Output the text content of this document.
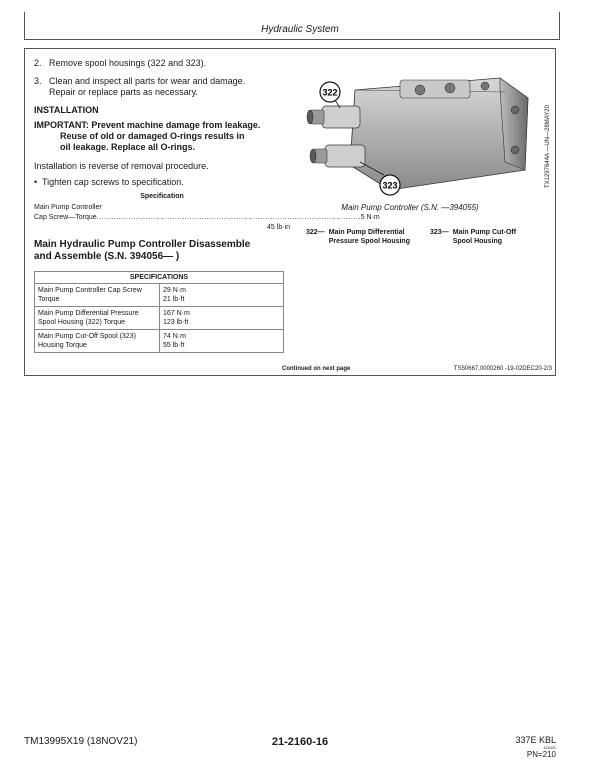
Hydraulic System
2. Remove spool housings (322 and 323).
3. Clean and inspect all parts for wear and damage.
Repair or replace parts as necessary.
INSTALLATION
IMPORTANT: Prevent machine damage from leakage.
Reuse of old or damaged O-rings results in
oil leakage. Replace all O-rings.
Installation is reverse of removal procedure.
• Tighten cap screws to specification.
Specification
Main Pump Controller
Cap Screw—Torque ............................................................................................................ 5 N·m
45 lb·in
Main Hydraulic Pump Controller Disassemble
and Assemble (S.N. 394056— )
SPECIFICATIONS	
Main Pump Controller Cap Screw
Torque	29 N·m
21 lb·ft
Main Pump Differential Pressure
Spool Housing (322) Torque	167 N·m
123 lb·ft
Main Pump Cut-Off Spool (323)
Housing Torque	74 N·m
55 lb·ft
322
323
Main Pump Controller (S.N. —394055)
TX1297644A —UN—28MAY20
322— Main Pump Differential
Pressure Spool Housing
323— Main Pump Cut-Off
Spool Housing
Continued on next page	TS50667,0000260 -19-02DEC20-2/3
TM13995X19 (18NOV21)	21-2160-16	337E KBL
111021
PN=210
